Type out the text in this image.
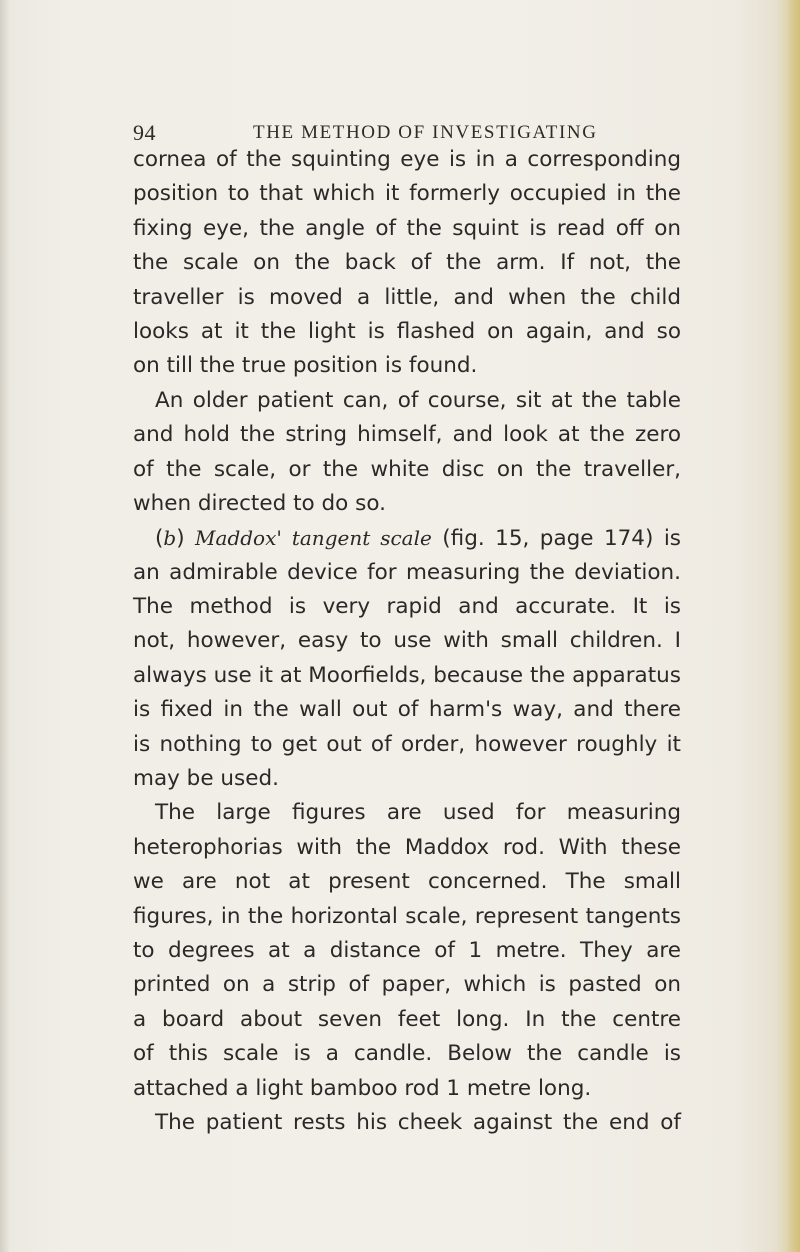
94	THE METHOD OF INVESTIGATING
cornea of the squinting eye is in a corresponding
position to that which it formerly occupied in the
fixing eye, the angle of the squint is read off on
the scale on the back of the arm. If not, the
traveller is moved a little, and when the child
looks at it the light is flashed on again, and so
on till the true position is found.
An older patient can, of course, sit at the table
and hold the string himself, and look at the zero
of the scale, or the white disc on the traveller,
when directed to do so.
(b) Maddox' tangent scale (fig. 15, page 174) is
an admirable device for measuring the deviation.
The method is very rapid and accurate. It is
not, however, easy to use with small children. I
always use it at Moorfields, because the apparatus
is fixed in the wall out of harm's way, and there
is nothing to get out of order, however roughly it
may be used.
The large figures are used for measuring
heterophorias with the Maddox rod. With these
we are not at present concerned. The small
figures, in the horizontal scale, represent tangents
to degrees at a distance of 1 metre. They are
printed on a strip of paper, which is pasted on
a board about seven feet long. In the centre
of this scale is a candle. Below the candle is
attached a light bamboo rod 1 metre long.
The patient rests his cheek against the end of
